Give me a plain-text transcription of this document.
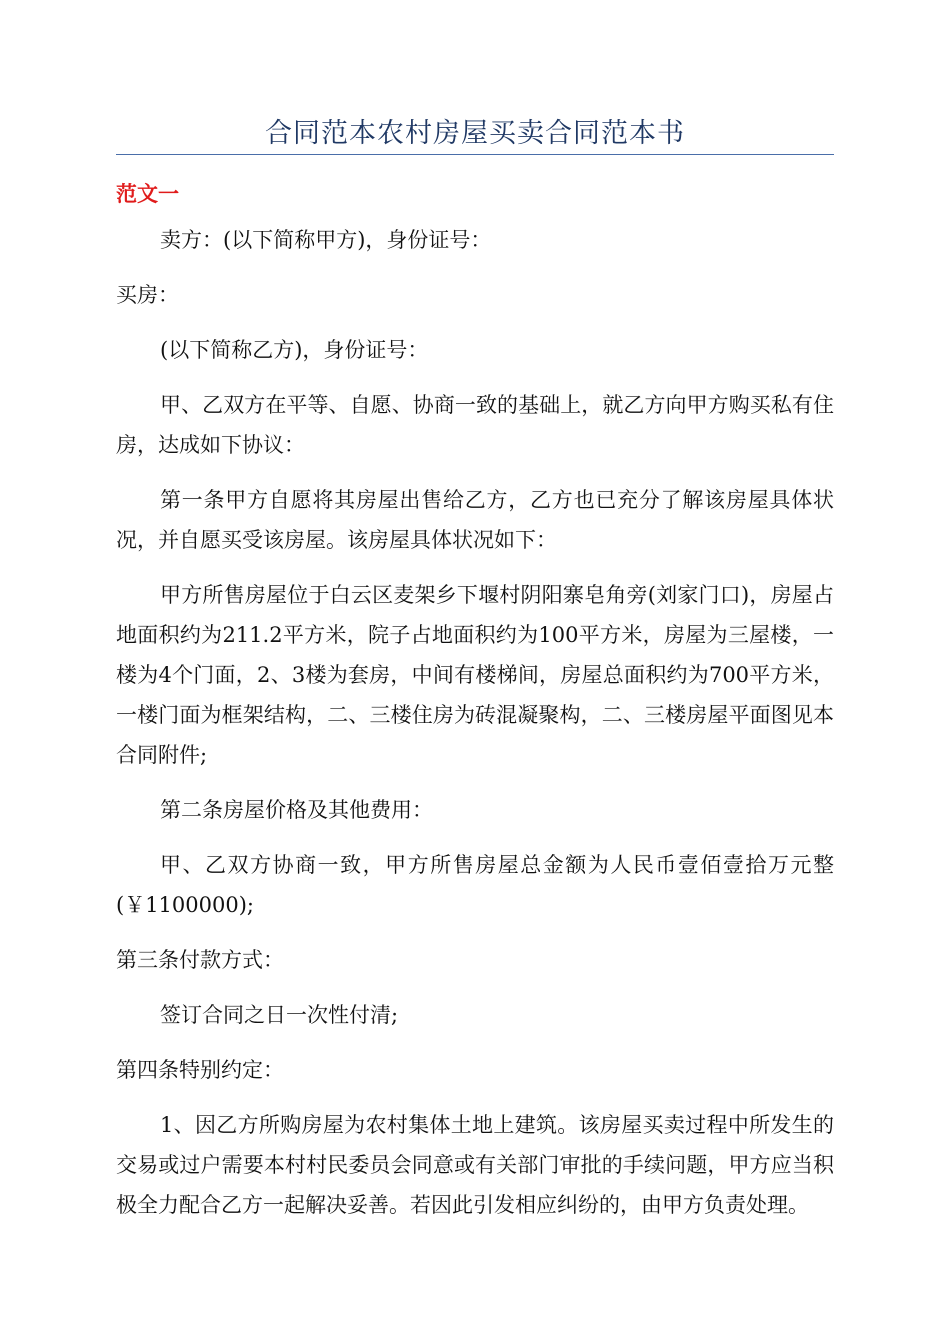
合同范本农村房屋买卖合同范本书
范文一

卖方：(以下简称甲方)，身份证号：

买房：

(以下简称乙方)，身份证号：

甲、乙双方在平等、自愿、协商一致的基础上，就乙方向甲方购买私有住房，达成如下协议：

第一条甲方自愿将其房屋出售给乙方，乙方也已充分了解该房屋具体状况，并自愿买受该房屋。该房屋具体状况如下：

甲方所售房屋位于白云区麦架乡下堰村阴阳寨皂角旁(刘家门口)，房屋占地面积约为211.2平方米，院子占地面积约为100平方米，房屋为三屋楼，一楼为4个门面，2、3楼为套房，中间有楼梯间，房屋总面积约为700平方米，一楼门面为框架结构，二、三楼住房为砖混凝聚构，二、三楼房屋平面图见本合同附件;

第二条房屋价格及其他费用：

甲、乙双方协商一致，甲方所售房屋总金额为人民币壹佰壹拾万元整(￥1100000);

第三条付款方式：

签订合同之日一次性付清;

第四条特别约定：

1、因乙方所购房屋为农村集体土地上建筑。该房屋买卖过程中所发生的交易或过户需要本村村民委员会同意或有关部门审批的手续问题，甲方应当积极全力配合乙方一起解决妥善。若因此引发相应纠纷的，由甲方负责处理。
